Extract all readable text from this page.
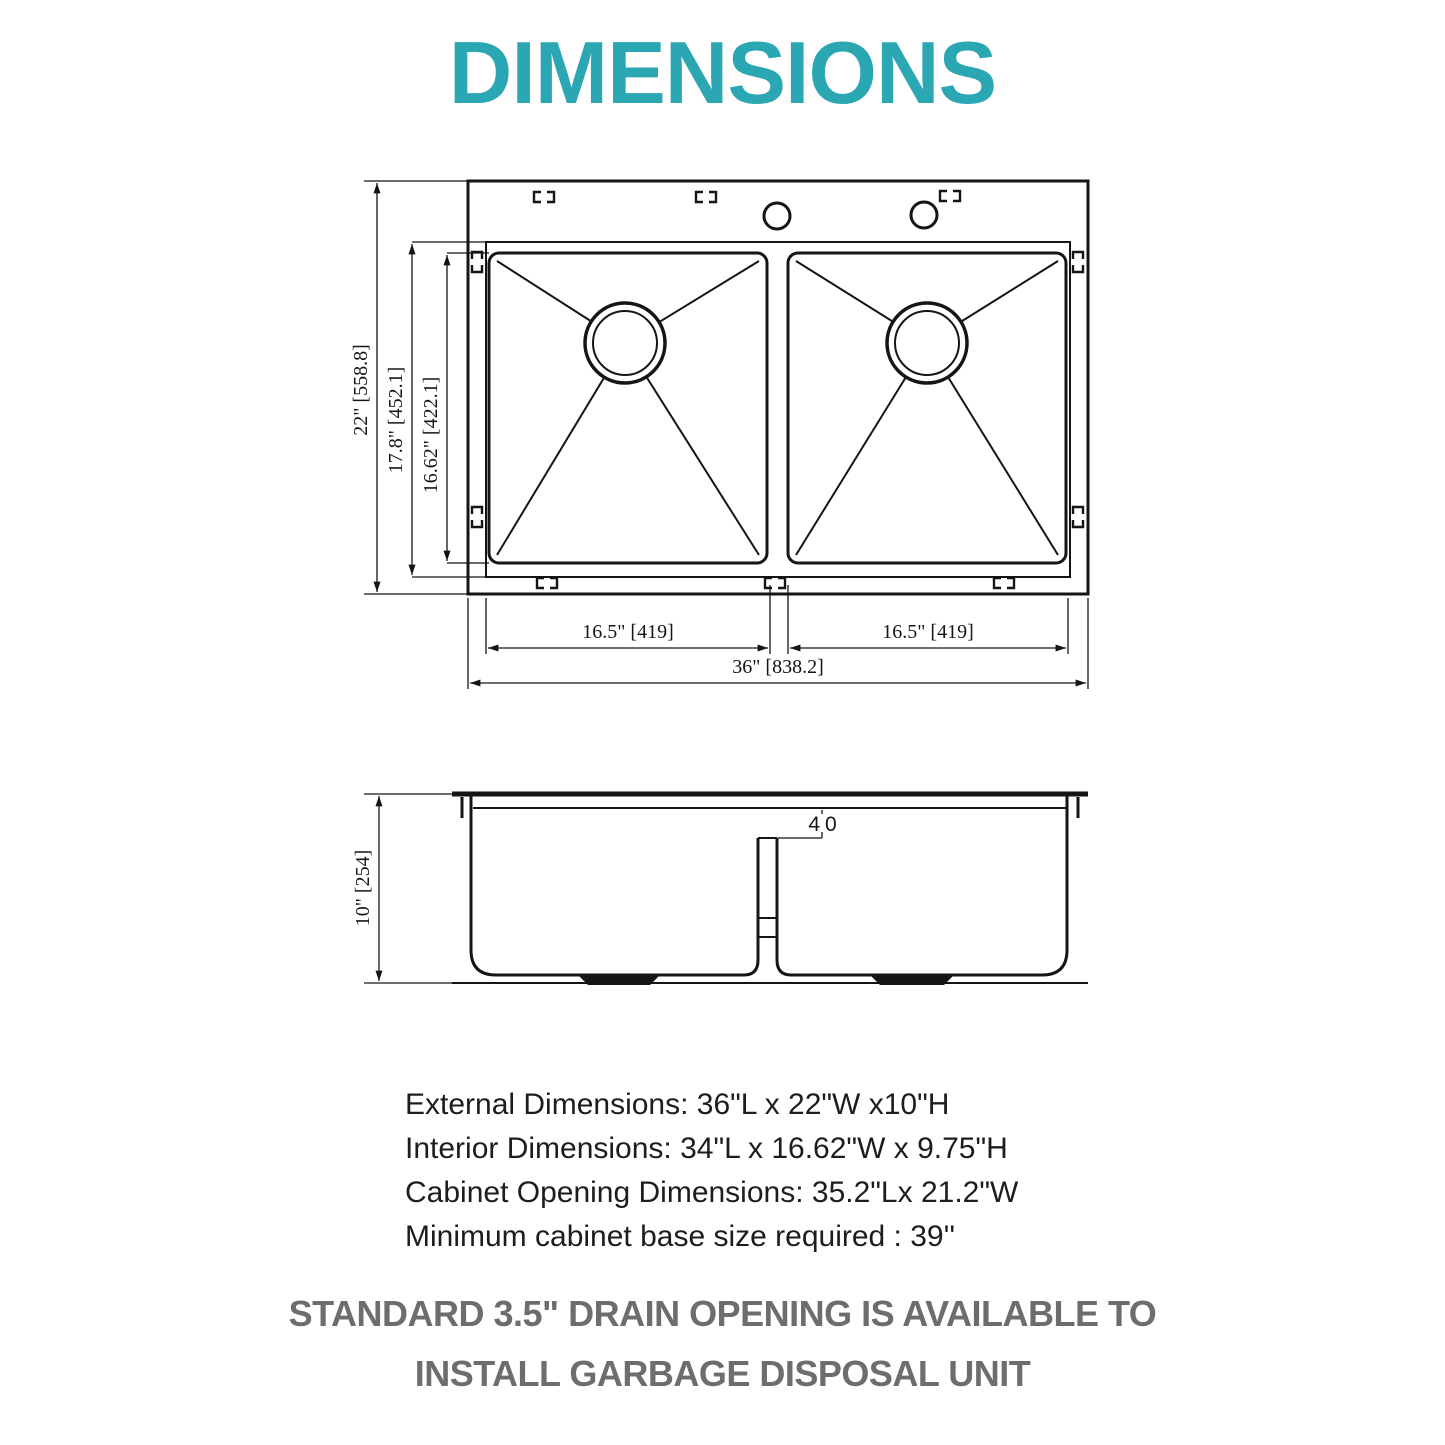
DIMENSIONS
22" [558.8] 17.8" [452.1] 16.62" [422.1]
16.5" [419]	16.5" [419]
36" [838.2]
40
10" [254]

External Dimensions: 36"L x 22"W x10"H

Interior Dimensions: 34"L x 16.62"W x 9.75"H

Cabinet Opening Dimensions: 35.2"Lx 21.2"W

Minimum cabinet base size required : 39''

STANDARD 3.5" DRAIN OPENING IS AVAILABLE TO

INSTALL GARBAGE DISPOSAL UNIT
